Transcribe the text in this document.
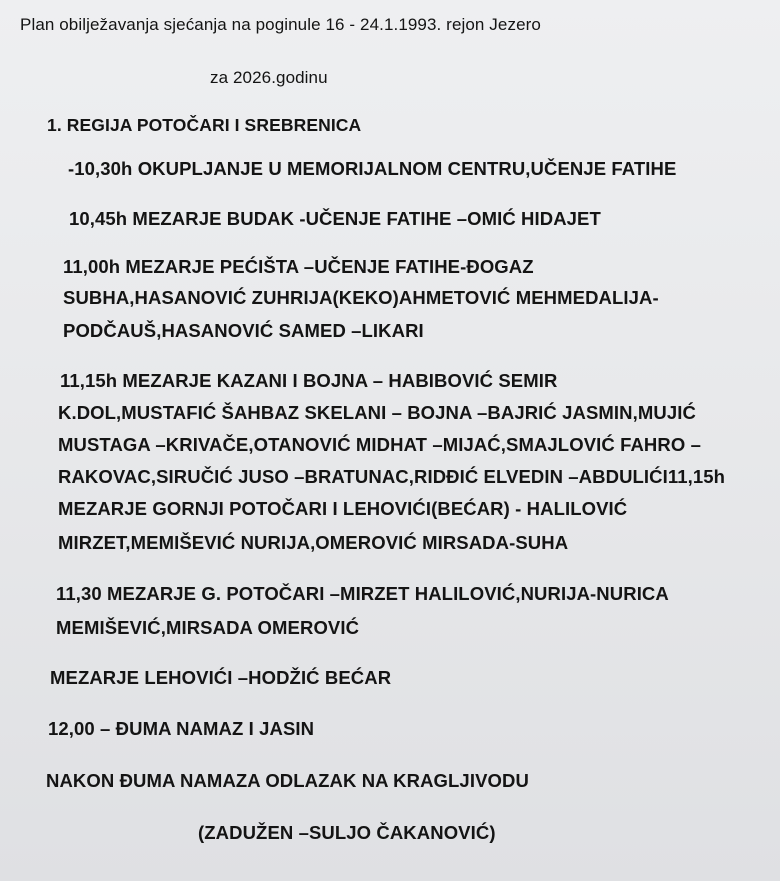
Plan obilježavanja sjećanja na poginule 16 - 24.1.1993. rejon Jezero
za 2026.godinu
1. REGIJA POTOČARI I SREBRENICA
-10,30h OKUPLJANJE U MEMORIJALNOM CENTRU,UČENJE FATIHE
10,45h MEZARJE BUDAK -UČENJE FATIHE –OMIĆ HIDAJET
11,00h MEZARJE PEĆIŠTA –UČENJE FATIHE-ĐOGAZ
SUBHA,HASANOVIĆ ZUHRIJA(KEKO)AHMETOVIĆ MEHMEDALIJA-
PODČAUŠ,HASANOVIĆ SAMED –LIKARI
11,15h MEZARJE KAZANI I BOJNA – HABIBOVIĆ SEMIR
K.DOL,MUSTAFIĆ ŠAHBAZ SKELANI – BOJNA –BAJRIĆ JASMIN,MUJIĆ
MUSTAGA –KRIVAČE,OTANOVIĆ MIDHAT –MIJAĆ,SMAJLOVIĆ FAHRO –
RAKOVAC,SIRUČIĆ JUSO –BRATUNAC,RIDĐIĆ ELVEDIN –ABDULIĆI11,15h
MEZARJE GORNJI POTOČARI I LEHOVIĆI(BEĆAR) - HALILOVIĆ
MIRZET,MEMIŠEVIĆ NURIJA,OMEROVIĆ MIRSADA-SUHA
11,30 MEZARJE G. POTOČARI –MIRZET HALILOVIĆ,NURIJA-NURICA
MEMIŠEVIĆ,MIRSADA OMEROVIĆ
MEZARJE LEHOVIĆI –HODŽIĆ BEĆAR
12,00 – ĐUMA NAMAZ I JASIN
NAKON ĐUMA NAMAZA ODLAZAK NA KRAGLJIVODU
(ZADUŽEN –SULJO ČAKANOVIĆ)
